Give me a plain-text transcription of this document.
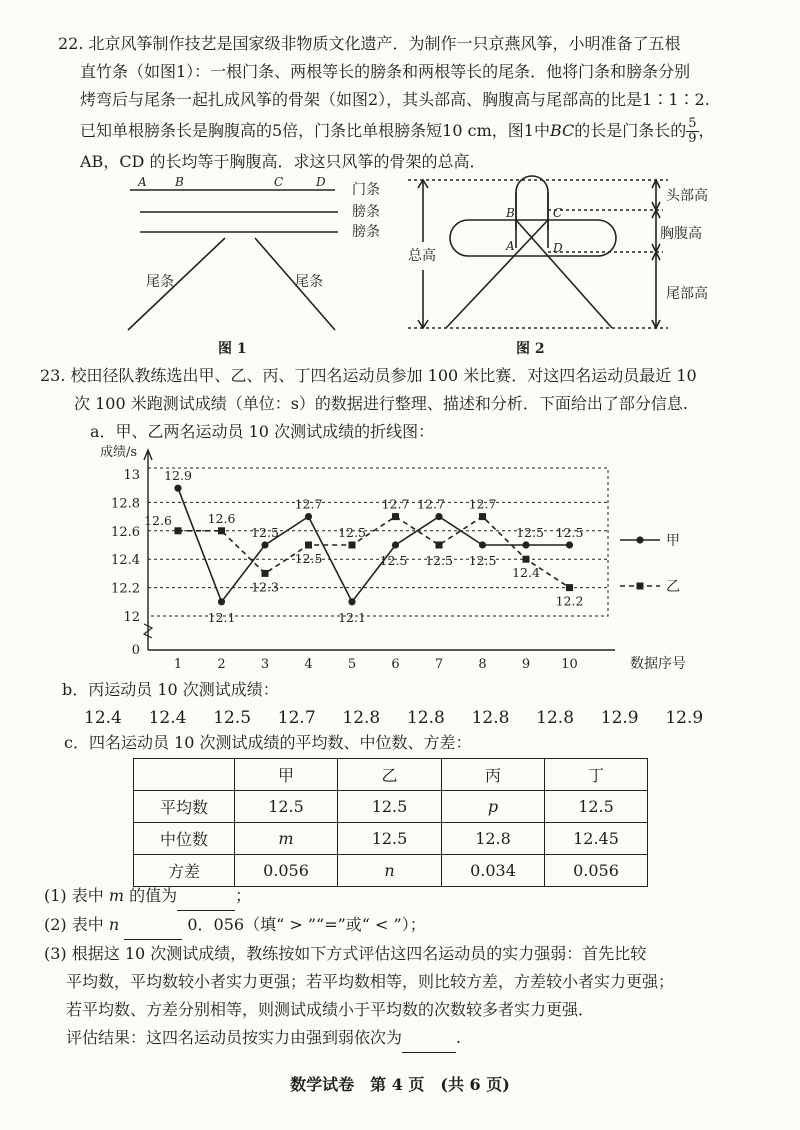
22. 北京风筝制作技艺是国家级非物质文化遗产．为制作一只京燕风筝，小明准备了五根
直竹条（如图1）：一根门条、两根等长的膀条和两根等长的尾条．他将门条和膀条分别
烤弯后与尾条一起扎成风筝的骨架（如图2），其头部高、胸腹高与尾部高的比是1∶1∶2.
已知单根膀条长是胸腹高的5倍，门条比单根膀条短10 cm，图1中BC的长是门条长的 $\frac{5}{9}$ ，
AB，CD 的长均等于胸腹高．求这只风筝的骨架的总高．
A B	C	D 门条
膀条
膀条
尾条	尾条
图 1
B	C
A	D
总高
头部高
胸腹高
尾部高
图 2
23. 校田径队教练选出甲、乙、丙、丁四名运动员参加 100 米比赛．对这四名运动员最近 10
次 100 米跑测试成绩（单位：s）的数据进行整理、描述和分析．下面给出了部分信息.
a．甲、乙两名运动员 10 次测试成绩的折线图：
0
12
12.2
12.4
12.6
12.8
13
1	2	3	4	5	6	7	8	9 10
12.9
12.1
12.5
12.7
12.1
12.5
12.7
12.5
12.5 12.5
12.6	12.6
12.3
12.5
12.5
12.7
12.5
12.7
12.4
12.2
成绩/s
数据序号
甲
乙
b．丙运动员 10 次测试成绩：
12.4 12.4 12.5 12.7 12.8 12.8 12.8 12.8 12.9 12.9
c．四名运动员 10 次测试成绩的平均数、中位数、方差：
	甲	乙	丙	丁
平均数	12.5	12.5	p	12.5
中位数	m	12.5	12.8	12.45
方差	0.056	n	0.034	0.056
(1) 表中 m 的值为	；
(2) 表中 n	0．056（填“ > ”“=”或“ < ”）；
(3) 根据这 10 次测试成绩，教练按如下方式评估这四名运动员的实力强弱：首先比较
平均数，平均数较小者实力更强；若平均数相等，则比较方差，方差较小者实力更强；
若平均数、方差分别相等，则测试成绩小于平均数的次数较多者实力更强．
评估结果：这四名运动员按实力由强到弱依次为	.
数学试卷　第 4 页　(共 6 页)
